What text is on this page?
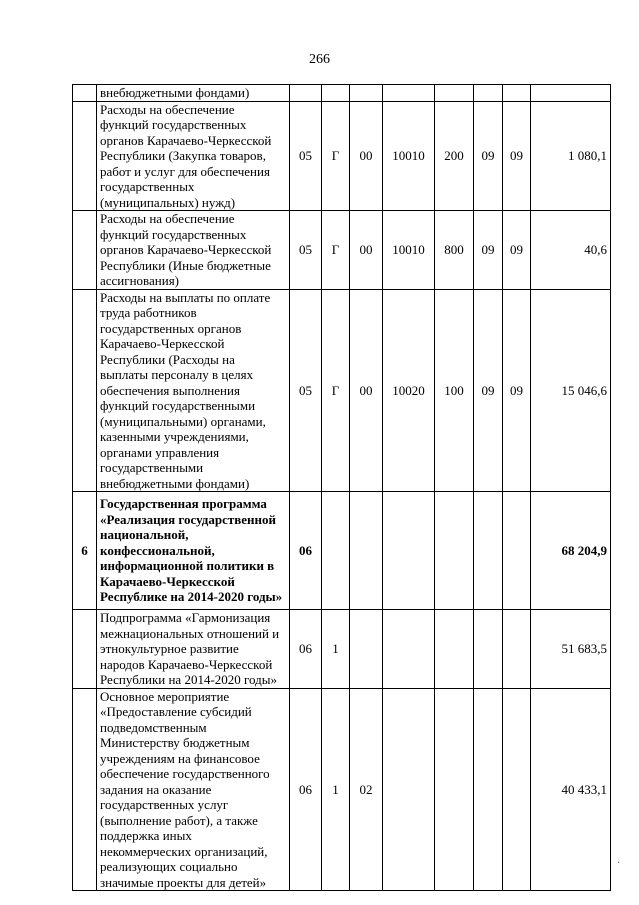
266
	внебюджетными фондами)								
	Расходы на обеспечение функций государственных органов Карачаево-Черкесской Республики (Закупка товаров, работ и услуг для обеспечения государственных (муниципальных) нужд)	05	Г	00	10010	200	09	09	1 080,1
	Расходы на обеспечение функций государственных органов Карачаево-Черкесской Республики (Иные бюджетные ассигнования)	05	Г	00	10010	800	09	09	40,6
	Расходы на выплаты по оплате труда работников государственных органов Карачаево-Черкесской Республики (Расходы на выплаты персоналу в целях обеспечения выполнения функций государственными (муниципальными) органами, казенными учреждениями, органами управления государственными внебюджетными фондами)	05	Г	00	10020	100	09	09	15 046,6
6	Государственная программа «Реализация государственной национальной, конфессиональной, информационной политики в Карачаево-Черкесской Республике на 2014-2020 годы»	06							68 204,9
	Подпрограмма «Гармонизация межнациональных отношений и этнокультурное развитие народов Карачаево-Черкесской Республики на 2014-2020 годы»	06	1						51 683,5
	Основное мероприятие «Предоставление субсидий подведомственным Министерству бюджетным учреждениям на финансовое обеспечение государственного задания на оказание государственных услуг (выполнение работ), а также поддержка иных некоммерческих организаций, реализующих социально значимые проекты для детей»	06	1	02					40 433,1
·
